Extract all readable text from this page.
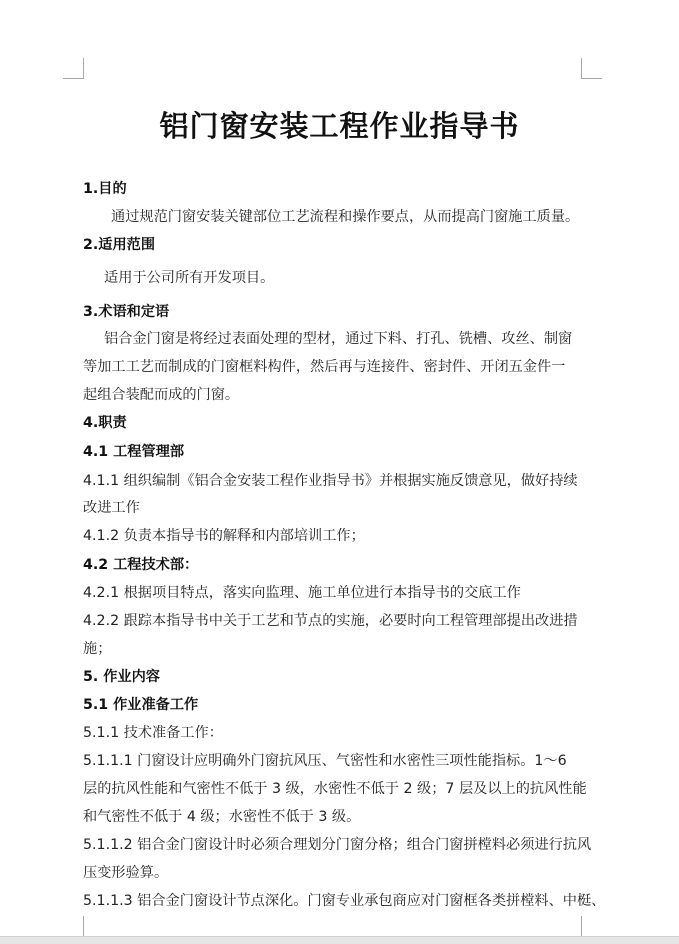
铝门窗安装工程作业指导书
1.目的
通过规范门窗安装关键部位工艺流程和操作要点，从而提高门窗施工质量。
2.适用范围
适用于公司所有开发项目。
3.术语和定语
铝合金门窗是将经过表面处理的型材，通过下料、打孔、铣槽、攻丝、制窗
等加工工艺而制成的门窗框料构件，然后再与连接件、密封件、开闭五金件一
起组合装配而成的门窗。
4.职责
4.1 工程管理部
4.1.1 组织编制《铝合金安装工程作业指导书》并根据实施反馈意见，做好持续
改进工作
4.1.2 负责本指导书的解释和内部培训工作；
4.2 工程技术部：
4.2.1 根据项目特点，落实向监理、施工单位进行本指导书的交底工作
4.2.2 跟踪本指导书中关于工艺和节点的实施，必要时向工程管理部提出改进措
施；
5. 作业内容
5.1 作业准备工作
5.1.1 技术准备工作：
5.1.1.1 门窗设计应明确外门窗抗风压、气密性和水密性三项性能指标。1～6
层的抗风性能和气密性不低于 3 级，水密性不低于 2 级；7 层及以上的抗风性能
和气密性不低于 4 级；水密性不低于 3 级。
5.1.1.2 铝合金门窗设计时必须合理划分门窗分格；组合门窗拼樘料必须进行抗风
压变形验算。
5.1.1.3 铝合金门窗设计节点深化。门窗专业承包商应对门窗框各类拼樘料、中梃、
